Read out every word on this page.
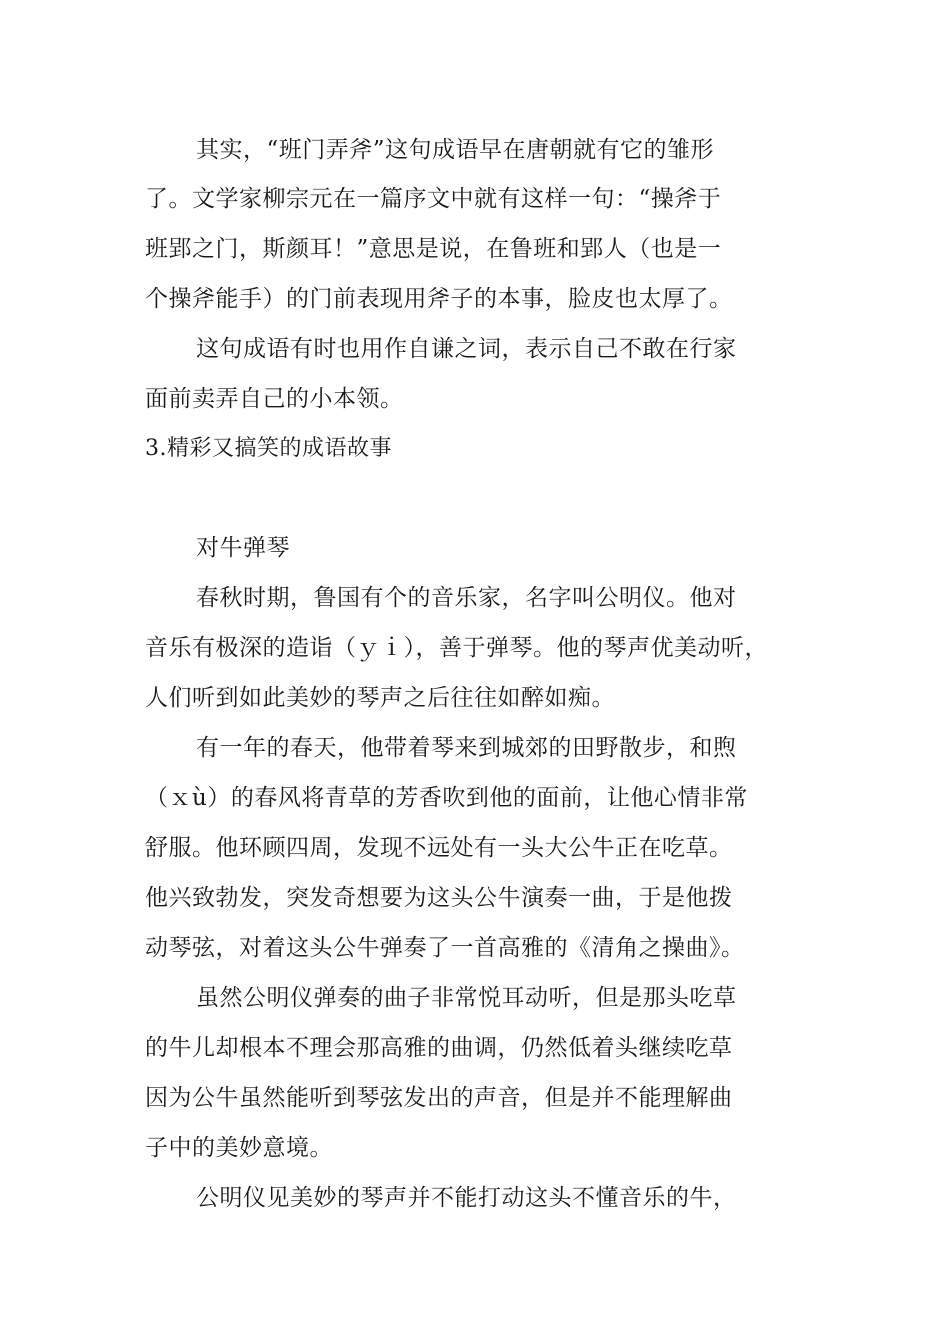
其实，“班门弄斧”这句成语早在唐朝就有它的雏形
了。文学家柳宗元在一篇序文中就有这样一句：“操斧于
班郢之门，斯颜耳！”意思是说，在鲁班和郢人（也是一
个操斧能手）的门前表现用斧子的本事，脸皮也太厚了。
这句成语有时也用作自谦之词，表示自己不敢在行家
面前卖弄自己的小本领。
3.精彩又搞笑的成语故事
对牛弹琴
春秋时期，鲁国有个的音乐家，名字叫公明仪。他对
音乐有极深的造诣（ｙｉ），善于弹琴。他的琴声优美动听，
人们听到如此美妙的琴声之后往往如醉如痴。
有一年的春天，他带着琴来到城郊的田野散步，和煦
（ｘù）的春风将青草的芳香吹到他的面前，让他心情非常
舒服。他环顾四周，发现不远处有一头大公牛正在吃草。
他兴致勃发，突发奇想要为这头公牛演奏一曲，于是他拨
动琴弦，对着这头公牛弹奏了一首高雅的《清角之操曲》。
虽然公明仪弹奏的曲子非常悦耳动听，但是那头吃草
的牛儿却根本不理会那高雅的曲调，仍然低着头继续吃草
因为公牛虽然能听到琴弦发出的声音，但是并不能理解曲
子中的美妙意境。
公明仪见美妙的琴声并不能打动这头不懂音乐的牛，
